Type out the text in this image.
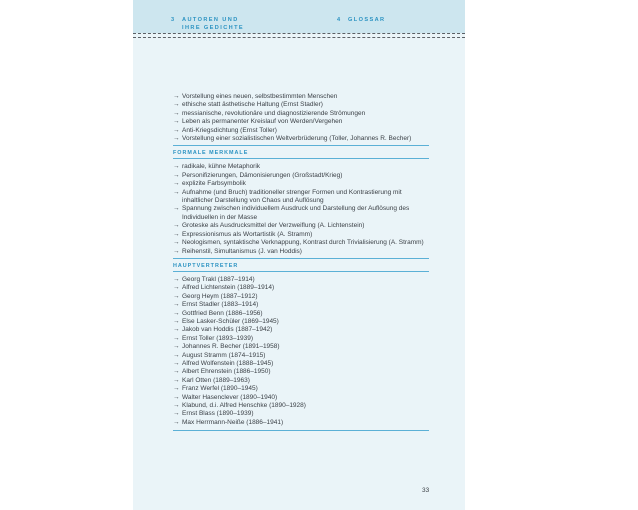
3 AUTOREN UND
IHRE GEDICHTE
4 GLOSSAR
→ Vorstellung eines neuen, selbstbestimmten Menschen
→ ethische statt ästhetische Haltung (Ernst Stadler)
→ messianische, revolutionäre und diagnostizierende Strömungen
→ Leben als permanenter Kreislauf von Werden/Vergehen
→ Anti-Kriegsdichtung (Ernst Toller)
→ Vorstellung einer sozialistischen Weltverbrüderung (Toller, Johannes R. Becher)
FORMALE MERKMALE
→ radikale, kühne Metaphorik
→ Personifizierungen, Dämonisierungen (Großstadt/Krieg)
→ explizite Farbsymbolik
→ Aufnahme (und Bruch) traditioneller strenger Formen und Kontrastierung mit inhaltlicher Darstellung von Chaos und Auflösung
→ Spannung zwischen individuellem Ausdruck und Darstellung der Auflösung des Individuellen in der Masse
→ Groteske als Ausdrucksmittel der Verzweiflung (A. Lichtenstein)
→ Expressionismus als Wortartistik (A. Stramm)
→ Neologismen, syntaktische Verknappung, Kontrast durch Trivialisierung (A. Stramm)
→ Reihenstil, Simultanismus (J. van Hoddis)
HAUPTVERTRETER
→ Georg Trakl (1887–1914)
→ Alfred Lichtenstein (1889–1914)
→ Georg Heym (1887–1912)
→ Ernst Stadler (1883–1914)
→ Gottfried Benn (1886–1956)
→ Else Lasker-Schüler (1869–1945)
→ Jakob van Hoddis (1887–1942)
→ Ernst Toller (1893–1939)
→ Johannes R. Becher (1891–1958)
→ August Stramm (1874–1915)
→ Alfred Wolfenstein (1888–1945)
→ Albert Ehrenstein (1886–1950)
→ Karl Otten (1889–1963)
→ Franz Werfel (1890–1945)
→ Walter Hasenclever (1890–1940)
→ Klabund, d.i. Alfred Henschke (1890–1928)
→ Ernst Blass (1890–1939)
→ Max Herrmann-Neiße (1886–1941)
33
